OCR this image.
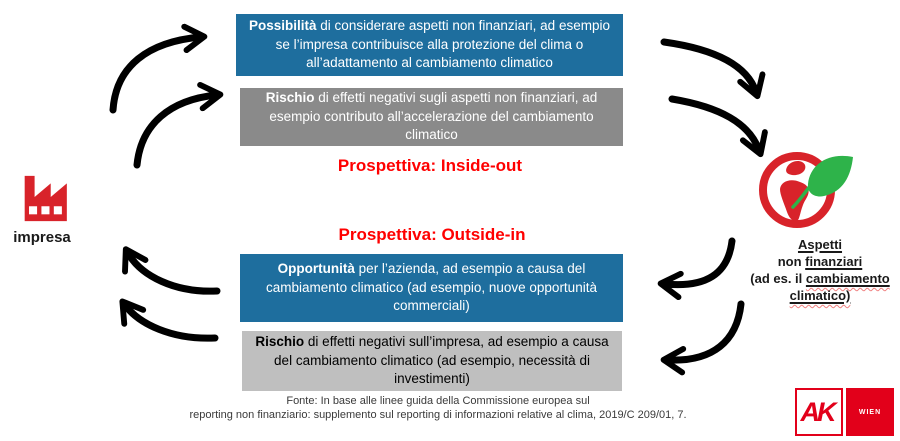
Possibilità di considerare aspetti non finanziari, ad esempio se l’impresa contribuisce alla protezione del clima o all’adattamento al cambiamento climatico
Rischio di effetti negativi sugli aspetti non finanziari, ad esempio contributo all’accelerazione del cambiamento climatico
Prospettiva: Inside-out
Prospettiva: Outside-in
Opportunità per l’azienda, ad esempio a causa del cambiamento climatico (ad esempio, nuove opportunità commerciali)
Rischio di effetti negativi sull’impresa, ad esempio a causa del cambiamento climatico (ad esempio, necessità di investimenti)
impresa	Aspetti
non finanziari
(ad es. il cambiamento
climatico)
Fonte: In base alle linee guida della Commissione europea sul
reporting non finanziario: supplemento sul reporting di informazioni relative al clima, 2019/C 209/01, 7.	AK	WIEN
